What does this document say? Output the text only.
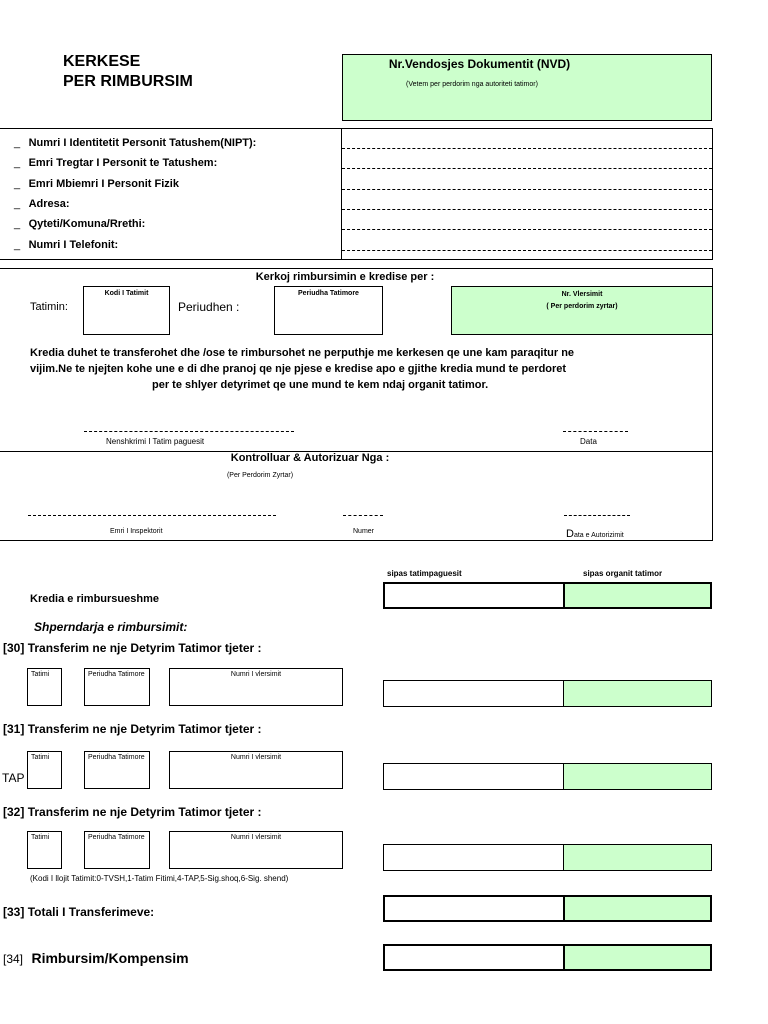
KERKESE
PER RIMBURSIM
Nr.Vendosjes Dokumentit (NVD)
(Vetem per perdorim nga autoriteti tatimor)
_ Numri I Identitetit Personit Tatushem(NIPT):
_ Emri Tregtar I Personit te Tatushem:
_ Emri Mbiemri I Personit Fizik
_ Adresa:
_ Qyteti/Komuna/Rrethi:
_ Numri I Telefonit:
Kerkoj rimbursimin e kredise per :
Tatimin:
Kodi I Tatimit
Periudhen :
Periudha Tatimore	Nr. Vlersimit
( Per perdorim zyrtar)
Kredia duhet te transferohet dhe /ose te rimbursohet ne perputhje me kerkesen qe une kam paraqitur ne
vijim.Ne te njejten kohe une e di dhe pranoj qe nje pjese e kredise apo e gjithe kredia mund te perdoret
per te shlyer detyrimet qe une mund te kem ndaj organit tatimor.
Nenshkrimi I Tatim paguesit	Data
Kontrolluar & Autorizuar Nga :
(Per Perdorim Zyrtar)
Emri I Inspektorit	Numer	Data e Autorizimit
sipas tatimpaguesit	sipas organit tatimor
Kredia e rimbursueshme
Shperndarja e rimbursimit:
[30] Transferim ne nje Detyrim Tatimor tjeter :
Tatimi	Periudha Tatimore	Numri I vlersimit
[31] Transferim ne nje Detyrim Tatimor tjeter :
TAP
Tatimi	Periudha Tatimore	Numri I vlersimit
[32] Transferim ne nje Detyrim Tatimor tjeter :
Tatimi	Periudha Tatimore	Numri I vlersimit
(Kodi I llojit Tatimit:0-TVSH,1-Tatim Fitimi,4-TAP,5-Sig.shoq,6-Sig. shend)
[33] Totali I Transferimeve:
[34] Rimbursim/Kompensim
